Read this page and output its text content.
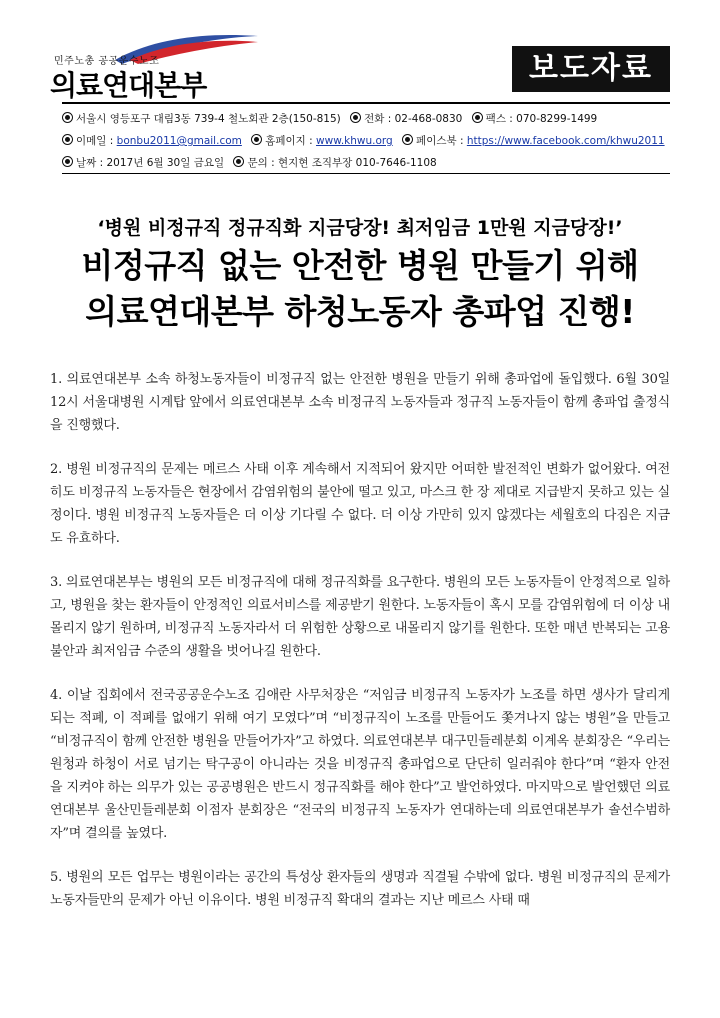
민주노총 공공운수노조
의료연대본부	보도자료
서울시 영등포구 대림3동 739-4 철노회관 2층(150-815) 전화 : 02-468-0830 팩스 : 070-8299-1499
이메일 : bonbu2011@gmail.com 홈페이지 : www.khwu.org 페이스북 : https://www.facebook.com/khwu2011
날짜 : 2017년 6월 30일 금요일 문의 : 현지현 조직부장 010-7646-1108
‘병원 비정규직 정규직화 지금당장! 최저임금 1만원 지금당장!’
비정규직 없는 안전한 병원 만들기 위해
의료연대본부 하청노동자 총파업 진행!

1. 의료연대본부 소속 하청노동자들이 비정규직 없는 안전한 병원을 만들기 위해 총파업에 돌입했다. 6월 30일 12시 서울대병원 시계탑 앞에서 의료연대본부 소속 비정규직 노동자들과 정규직 노동자들이 함께 총파업 출정식을 진행했다.

2. 병원 비정규직의 문제는 메르스 사태 이후 계속해서 지적되어 왔지만 어떠한 발전적인 변화가 없어왔다. 여전히도 비정규직 노동자들은 현장에서 감염위험의 불안에 떨고 있고, 마스크 한 장 제대로 지급받지 못하고 있는 실정이다. 병원 비정규직 노동자들은 더 이상 기다릴 수 없다. 더 이상 가만히 있지 않겠다는 세월호의 다짐은 지금도 유효하다.

3. 의료연대본부는 병원의 모든 비정규직에 대해 정규직화를 요구한다. 병원의 모든 노동자들이 안정적으로 일하고, 병원을 찾는 환자들이 안정적인 의료서비스를 제공받기 원한다. 노동자들이 혹시 모를 감염위험에 더 이상 내몰리지 않기 원하며, 비정규직 노동자라서 더 위험한 상황으로 내몰리지 않기를 원한다. 또한 매년 반복되는 고용불안과 최저임금 수준의 생활을 벗어나길 원한다.

4. 이날 집회에서 전국공공운수노조 김애란 사무처장은 “저임금 비정규직 노동자가 노조를 하면 생사가 달리게 되는 적폐, 이 적폐를 없애기 위해 여기 모였다”며 “비정규직이 노조를 만들어도 쫓겨나지 않는 병원”을 만들고 “비정규직이 함께 안전한 병원을 만들어가자”고 하였다. 의료연대본부 대구민들레분회 이계옥 분회장은 “우리는 원청과 하청이 서로 넘기는 탁구공이 아니라는 것을 비정규직 총파업으로 단단히 일러줘야 한다”며 “환자 안전을 지켜야 하는 의무가 있는 공공병원은 반드시 정규직화를 해야 한다”고 발언하였다. 마지막으로 발언했던 의료연대본부 울산민들레분회 이점자 분회장은 “전국의 비정규직 노동자가 연대하는데 의료연대본부가 솔선수범하자”며 결의를 높였다.

5. 병원의 모든 업무는 병원이라는 공간의 특성상 환자들의 생명과 직결될 수밖에 없다. 병원 비정규직의 문제가 노동자들만의 문제가 아닌 이유이다. 병원 비정규직 확대의 결과는 지난 메르스 사태 때
